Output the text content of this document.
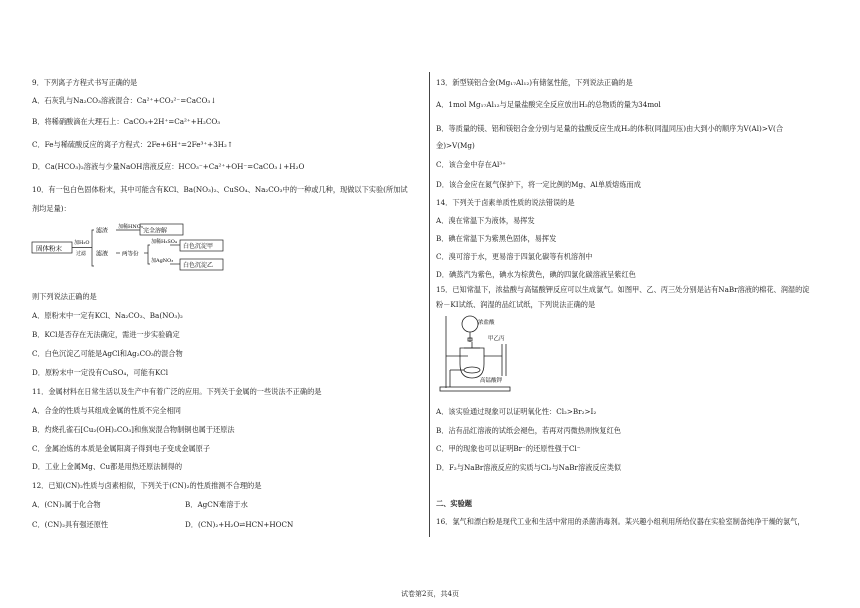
9．下列离子方程式书写正确的是
A．石灰乳与Na₂CO₃溶液混合：Ca²⁺+CO₃²⁻=CaCO₃↓
B．将稀硝酸滴在大理石上：CaCO₃+2H⁺=Ca²⁺+H₂CO₃
C．Fe与稀硫酸反应的离子方程式：2Fe+6H⁺=2Fe³⁺+3H₂↑
D．Ca(HCO₃)₂溶液与少量NaOH溶液反应：HCO₃⁻+Ca²⁺+OH⁻=CaCO₃↓+H₂O
10．有一包白色固体粉末，其中可能含有KCl、Ba(NO₃)₂、CuSO₄、Na₂CO₃中的一种或几种，现做以下实验(所加试
剂均足量)：
固体粉末
加H₂O
过滤
滤渣
加稀HNO₃
完全溶解
滤液	两等份
加稀H₂SO₄
白色沉淀甲
加AgNO₃
白色沉淀乙
则下列说法正确的是
A．原粉末中一定有KCl、Na₂CO₃、Ba(NO₃)₂
B．KCl是否存在无法确定，需进一步实验确定
C．白色沉淀乙可能是AgCl和Ag₂CO₃的混合物
D．原粉末中一定没有CuSO₄，可能有KCl
11．金属材料在日常生活以及生产中有着广泛的应用。下列关于金属的一些说法不正确的是
A．合金的性质与其组成金属的性质不完全相同
B．灼烧孔雀石[Cu₂(OH)₂CO₃]和焦炭混合物制铜也属于还原法
C．金属冶炼的本质是金属阳离子得到电子变成金属原子
D．工业上金属Mg、Cu都是用热还原法制得的
12．已知(CN)₂性质与卤素相似，下列关于(CN)₂的性质推测不合理的是
A．(CN)₂属于化合物	B．AgCN难溶于水
C．(CN)₂具有强还原性	D．(CN)₂+H₂O⇌HCN+HOCN
13．新型镁铝合金(Mg₁₇Al₁₂)有储氢性能，下列说法正确的是
A．1mol Mg₁₇Al₁₂与足量盐酸完全反应放出H₂的总物质的量为34mol
B．等质量的镁、铝和镁铝合金分别与足量的盐酸反应生成H₂的体积(同温同压)由大到小的顺序为V(Al)>V(合
金)>V(Mg)
C．该合金中存在Al³⁺
D．该合金应在氮气保护下，将一定比例的Mg、Al单质熔炼而成
14．下列关于卤素单质性质的说法错误的是
A．溴在常温下为液体，易挥发
B．碘在常温下为紫黑色固体，易挥发
C．溴可溶于水，更易溶于四氯化碳等有机溶剂中
D．碘蒸汽为紫色，碘水为棕黄色，碘的四氯化碳溶液呈紫红色
15．已知常温下，浓盐酸与高锰酸钾反应可以生成氯气。如图甲、乙、丙三处分别是沾有NaBr溶液的棉花、润湿的淀
粉－KI试纸、润湿的品红试纸，下列说法正确的是
浓盐酸
甲乙丙
高锰酸钾
A．该实验通过现象可以证明氧化性：Cl₂>Br₂>I₂
B．沾有品红溶液的试纸会褪色，若再对丙微热则恢复红色
C．甲的现象也可以证明Br⁻的还原性强于Cl⁻
D．F₂与NaBr溶液反应的实质与Cl₂与NaBr溶液反应类似
二、实验题
16．氯气和漂白粉是现代工业和生活中常用的杀菌消毒剂。某兴趣小组利用所给仪器在实验室制备纯净干燥的氯气，
试卷第2页，共4页
